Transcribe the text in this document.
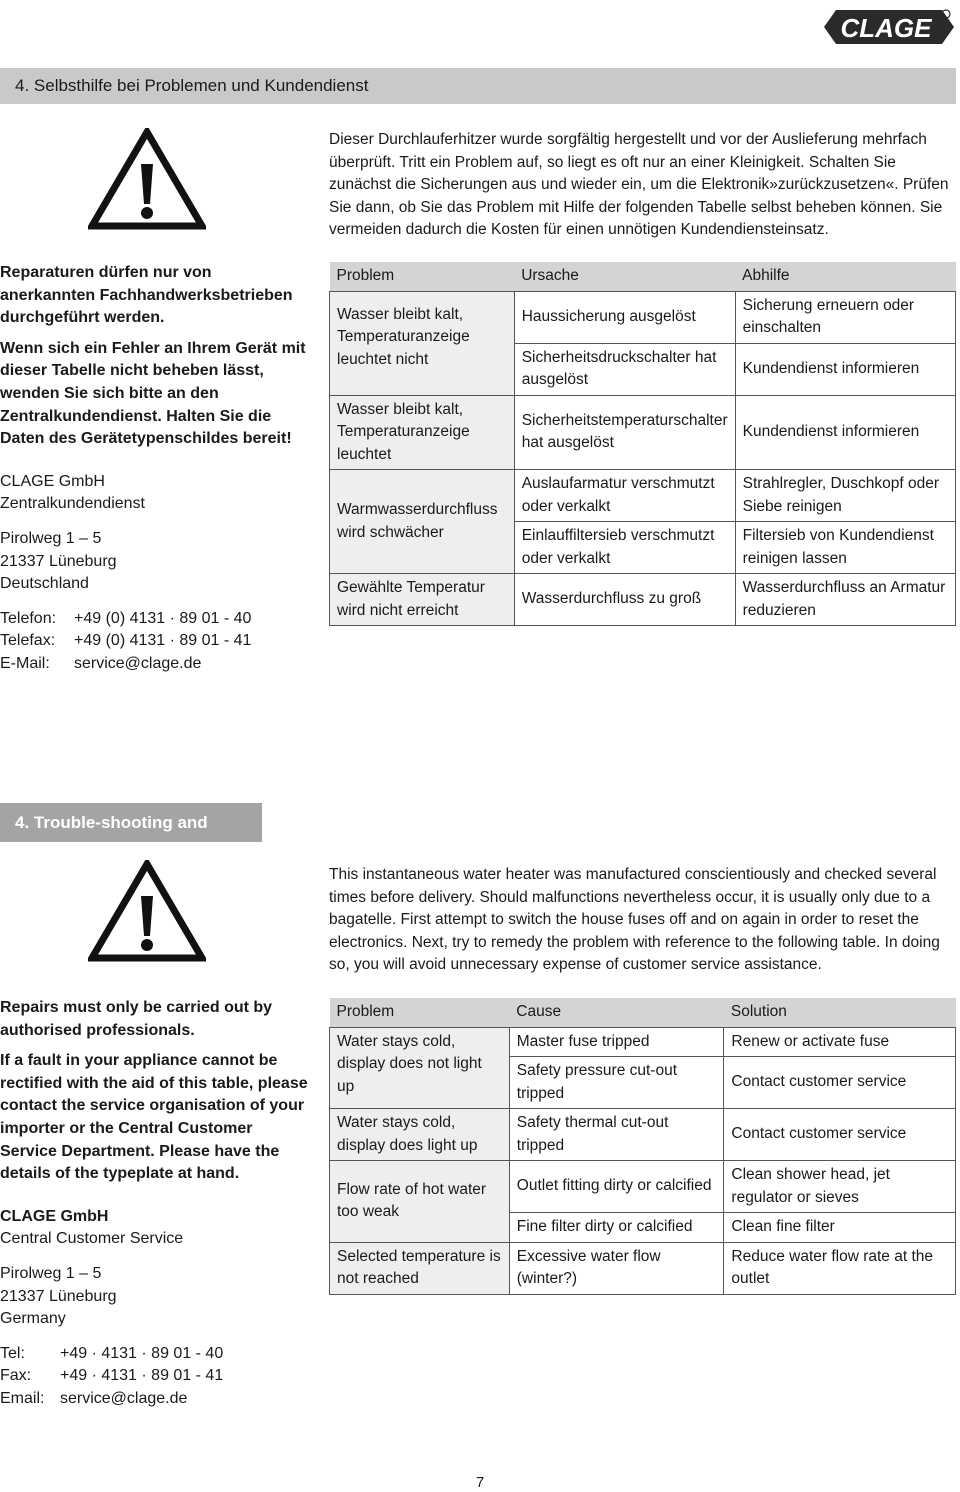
CLAGE
4. Selbsthilfe bei Problemen und Kundendienst
Dieser Durchlauferhitzer wurde sorgfältig hergestellt und vor der Auslieferung mehrfach überprüft. Tritt ein Problem auf, so liegt es oft nur an einer Kleinigkeit. Schalten Sie zunächst die Sicherungen aus und wieder ein, um die Elektronik»zurückzusetzen«. Prüfen Sie dann, ob Sie das Problem mit Hilfe der folgenden Tabelle selbst beheben können. Sie vermeiden dadurch die Kosten für einen unnötigen Kundendiensteinsatz.

Reparaturen dürfen nur von anerkannten Fachhandwerksbetrieben durchgeführt werden.

Wenn sich ein Fehler an Ihrem Gerät mit dieser Tabelle nicht beheben lässt, wenden Sie sich bitte an den Zentralkundendienst. Halten Sie die Daten des Gerätetypenschildes bereit!

CLAGE GmbH
Zentralkundendienst
Pirolweg 1 – 5
21337 Lüneburg
Deutschland
Telefon:	+49 (0) 4131 · 89 01 - 40
Telefax:	+49 (0) 4131 · 89 01 - 41
E-Mail:	service@clage.de
Problem	Ursache	Abhilfe
Wasser bleibt kalt, Temperaturanzeige leuchtet nicht	Haussicherung ausgelöst	Sicherung erneuern oder einschalten
	Sicherheitsdruckschalter hat ausgelöst	Kundendienst informieren
Wasser bleibt kalt, Temperaturanzeige leuchtet	Sicherheitstemperaturschalter hat ausgelöst	Kundendienst informieren
Warmwasserdurchfluss wird schwächer	Auslaufarmatur verschmutzt oder verkalkt	Strahlregler, Duschkopf oder Siebe reinigen
	Einlauffiltersieb verschmutzt oder verkalkt	Filtersieb von Kundendienst reinigen lassen
Gewählte Temperatur wird nicht erreicht	Wasserdurchfluss zu groß	Wasserdurchfluss an Armatur reduzieren
4. Trouble-shooting and service
This instantaneous water heater was manufactured conscientiously and checked several times before delivery. Should malfunctions nevertheless occur, it is usually only due to a bagatelle. First attempt to switch the house fuses off and on again in order to reset the electronics. Next, try to remedy the problem with reference to the following table. In doing so, you will avoid unnecessary expense of customer service assistance.

Repairs must only be carried out by authorised professionals.

If a fault in your appliance cannot be rectified with the aid of this table, please contact the service organisation of your importer or the Central Customer Service Department. Please have the details of the typeplate at hand.

CLAGE GmbH
Central Customer Service
Pirolweg 1 – 5
21337 Lüneburg
Germany
Tel:	+49 · 4131 · 89 01 - 40
Fax:	+49 · 4131 · 89 01 - 41
Email: service@clage.de
Problem	Cause	Solution
Water stays cold, display does not light up	Master fuse tripped	Renew or activate fuse
	Safety pressure cut-out tripped	Contact customer service
Water stays cold, display does light up	Safety thermal cut-out tripped	Contact customer service
Flow rate of hot water too weak	Outlet fitting dirty or calcified	Clean shower head, jet regulator or sieves
	Fine filter dirty or calcified	Clean fine filter
Selected temperature is not reached	Excessive water flow (winter?)	Reduce water flow rate at the outlet
7
